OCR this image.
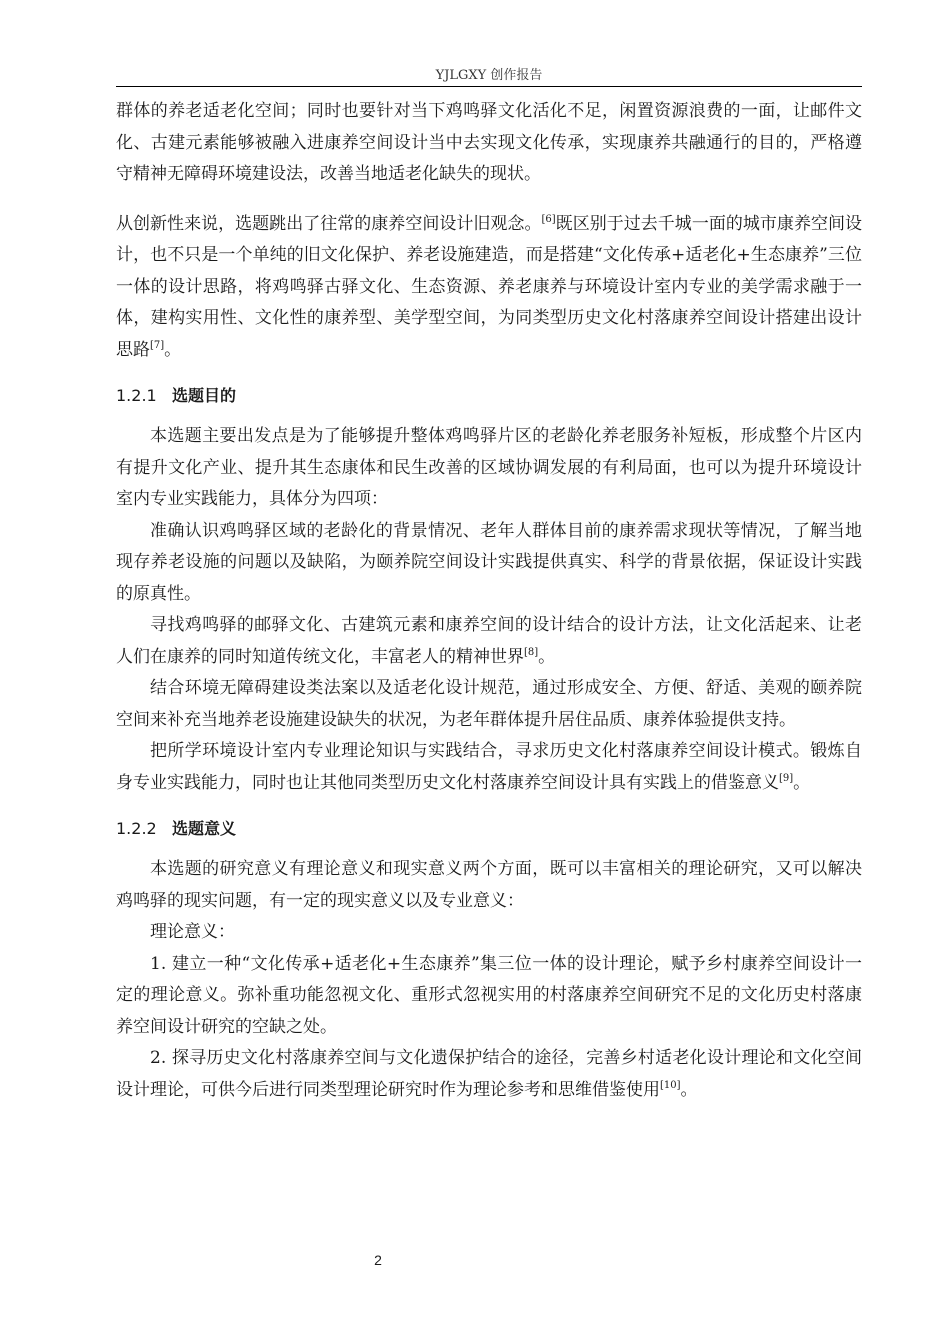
YJLGXY 创作报告

群体的养老适老化空间；同时也要针对当下鸡鸣驿文化活化不足，闲置资源浪费的一面，让邮件文化、古建元素能够被融入进康养空间设计当中去实现文化传承，实现康养共融通行的目的，严格遵守精神无障碍环境建设法，改善当地适老化缺失的现状。

从创新性来说，选题跳出了往常的康养空间设计旧观念。[6]既区别于过去千城一面的城市康养空间设计，也不只是一个单纯的旧文化保护、养老设施建造，而是搭建“文化传承+适老化+生态康养”三位一体的设计思路，将鸡鸣驿古驿文化、生态资源、养老康养与环境设计室内专业的美学需求融于一体，建构实用性、文化性的康养型、美学型空间，为同类型历史文化村落康养空间设计搭建出设计思路[7]。

1.2.1 选题目的

本选题主要出发点是为了能够提升整体鸡鸣驿片区的老龄化养老服务补短板，形成整个片区内有提升文化产业、提升其生态康体和民生改善的区域协调发展的有利局面，也可以为提升环境设计室内专业实践能力，具体分为四项：

准确认识鸡鸣驿区域的老龄化的背景情况、老年人群体目前的康养需求现状等情况，了解当地现存养老设施的问题以及缺陷，为颐养院空间设计实践提供真实、科学的背景依据，保证设计实践的原真性。

寻找鸡鸣驿的邮驿文化、古建筑元素和康养空间的设计结合的设计方法，让文化活起来、让老人们在康养的同时知道传统文化，丰富老人的精神世界[8]。

结合环境无障碍建设类法案以及适老化设计规范，通过形成安全、方便、舒适、美观的颐养院空间来补充当地养老设施建设缺失的状况，为老年群体提升居住品质、康养体验提供支持。

把所学环境设计室内专业理论知识与实践结合，寻求历史文化村落康养空间设计模式。锻炼自身专业实践能力，同时也让其他同类型历史文化村落康养空间设计具有实践上的借鉴意义[9]。

1.2.2 选题意义

本选题的研究意义有理论意义和现实意义两个方面，既可以丰富相关的理论研究，又可以解决鸡鸣驿的现实问题，有一定的现实意义以及专业意义：

理论意义：

1. 建立一种“文化传承+适老化+生态康养”集三位一体的设计理论，赋予乡村康养空间设计一定的理论意义。弥补重功能忽视文化、重形式忽视实用的村落康养空间研究不足的文化历史村落康养空间设计研究的空缺之处。

2. 探寻历史文化村落康养空间与文化遗保护结合的途径，完善乡村适老化设计理论和文化空间设计理论，可供今后进行同类型理论研究时作为理论参考和思维借鉴使用[10]。

2
